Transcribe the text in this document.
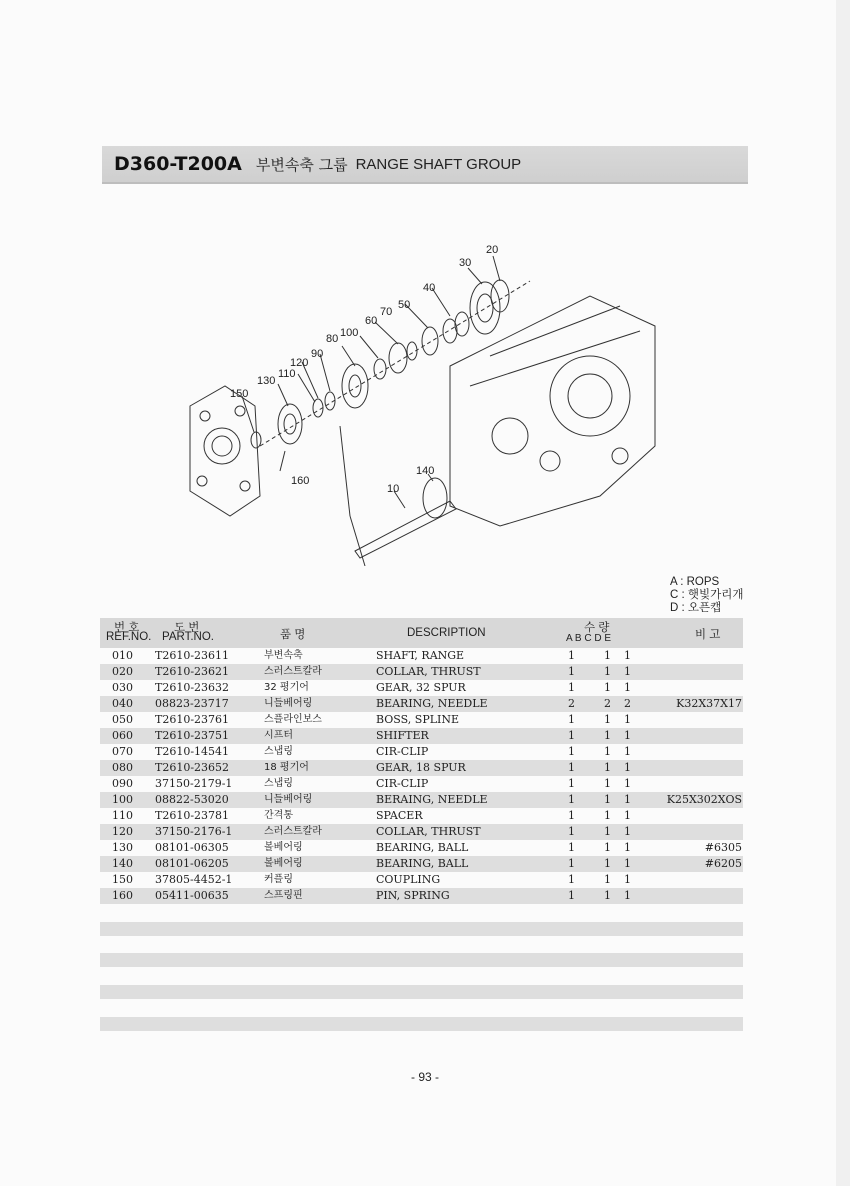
D360-T200A 부변속축 그룹 RANGE SHAFT GROUP
20
30
40
50
70
60
80
90
100
110
120
130
150
160
140
10
A : ROPS
C : 햇빛가리개
D : 오픈캡
번 호
REF.NO.
도 번
PART.NO.	품 명	DESCRIPTION	수 량
A B C D E	비 고
010 T2610-23611	부변속축	SHAFT, RANGE	1	1 1
020 T2610-23621	스러스트칼라	COLLAR, THRUST	1	1 1
030 T2610-23632	32 평기어	GEAR, 32 SPUR	1	1 1
040 08823-23717	니들베어링	BEARING, NEEDLE	2	2 2	K32X37X17
050 T2610-23761	스플라인보스	BOSS, SPLINE	1	1 1
060 T2610-23751	시프터	SHIFTER	1	1 1
070 T2610-14541	스냅링	CIR-CLIP	1	1 1
080 T2610-23652	18 평기어	GEAR, 18 SPUR	1	1 1
090 37150-2179-1	스냅링	CIR-CLIP	1	1 1
100 08822-53020	니들베어링	BERAING, NEEDLE	1	1 1	K25X302XOS
110 T2610-23781	간격통	SPACER	1	1 1
120 37150-2176-1	스러스트칼라	COLLAR, THRUST	1	1 1
130 08101-06305	볼베어링	BEARING, BALL	1	1 1	#6305
140 08101-06205	볼베어링	BEARING, BALL	1	1 1	#6205
150 37805-4452-1	커플링	COUPLING	1	1 1
160 05411-00635	스프링핀	PIN, SPRING	1	1 1
- 93 -
